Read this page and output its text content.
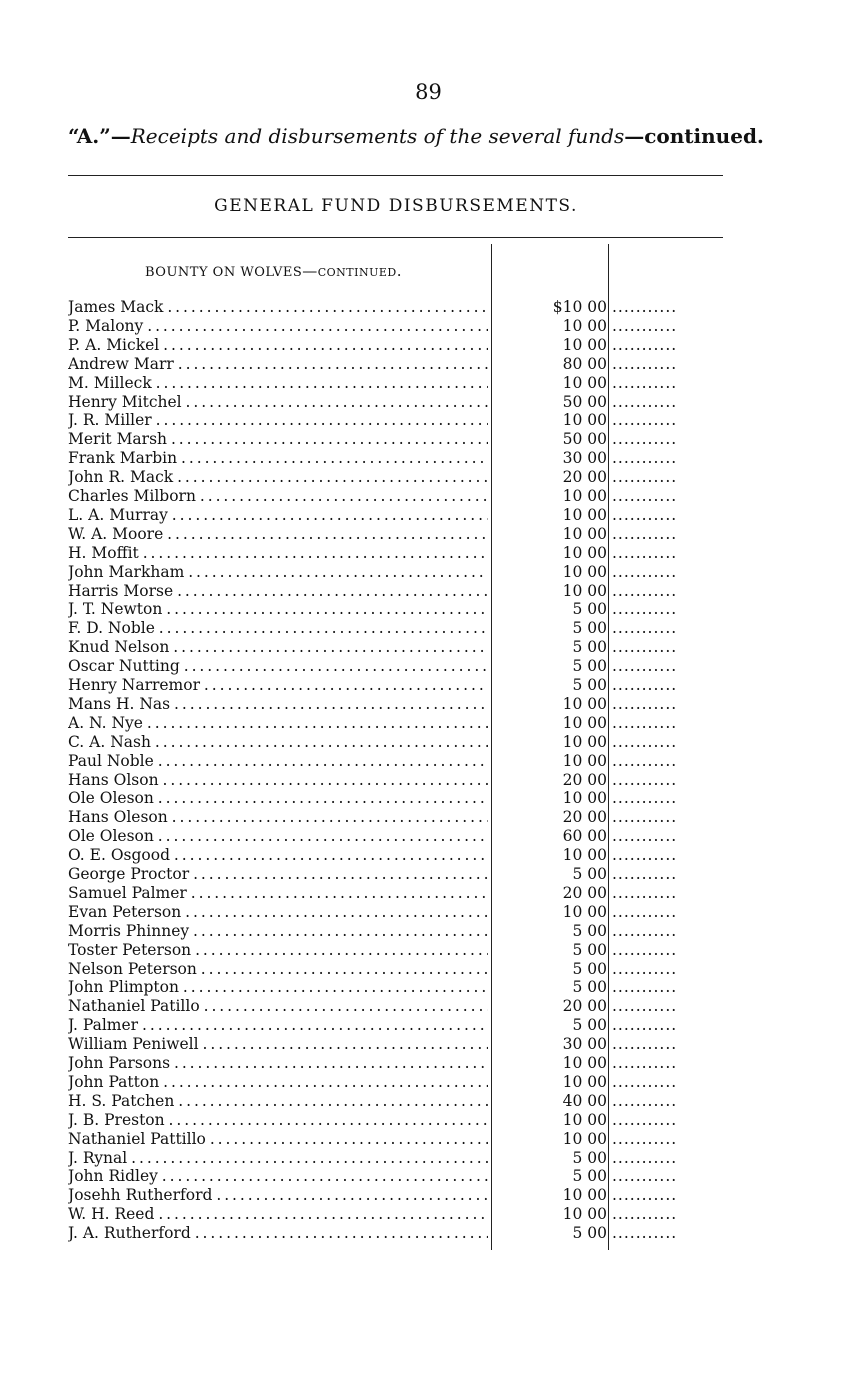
89
“A.”—Receipts and disbursements of the several funds—continued.
GENERAL FUND DISBURSEMENTS.
BOUNTY ON WOLVES—continued.
James Mack . . .	$10 00 ...........
P. Malony . . .	10 00 ...........
P. A. Mickel . . .	10 00 ...........
Andrew Marr . . .	80 00 ...........
M. Milleck . . .	10 00 ...........
Henry Mitchel . . .	50 00 ...........
J. R. Miller . . .	10 00 ...........
Merit Marsh . . .	50 00 ...........
Frank Marbin . . .	30 00 ...........
John R. Mack . . .	20 00 ...........
Charles Milborn . . .	10 00 ...........
L. A. Murray . . .	10 00 ...........
W. A. Moore . . .	10 00 ...........
H. Moffit . . .	10 00 ...........
John Markham . . .	10 00 ...........
Harris Morse . . .	10 00 ...........
J. T. Newton . . .	5 00 ...........
F. D. Noble . . .	5 00 ...........
Knud Nelson . . .	5 00 ...........
Oscar Nutting . . .	5 00 ...........
Henry Narremor . . .	5 00 ...........
Mans H. Nas . . .	10 00 ...........
A. N. Nye . . .	10 00 ...........
C. A. Nash . . .	10 00 ...........
Paul Noble . . .	10 00 ...........
Hans Olson . . .	20 00 ...........
Ole Oleson . . .	10 00 ...........
Hans Oleson . . .	20 00 ...........
Ole Oleson . . .	60 00 ...........
O. E. Osgood . . .	10 00 ...........
George Proctor . . .	5 00 ...........
Samuel Palmer . . .	20 00 ...........
Evan Peterson . . .	10 00 ...........
Morris Phinney . . .	5 00 ...........
Toster Peterson . . .	5 00 ...........
Nelson Peterson . . .	5 00 ...........
John Plimpton . . .	5 00 ...........
Nathaniel Patillo . . .	20 00 ...........
J. Palmer . . .	5 00 ...........
William Peniwell . . .	30 00 ...........
John Parsons . . .	10 00 ...........
John Patton . . .	10 00 ...........
H. S. Patchen . . .	40 00 ...........
J. B. Preston . . .	10 00 ...........
Nathaniel Pattillo . . .	10 00 ...........
J. Rynal . . .	5 00 ...........
John Ridley . . .	5 00 ...........
Josehh Rutherford . . .	10 00 ...........
W. H. Reed . . .	10 00 ...........
J. A. Rutherford . . .	5 00 ...........
